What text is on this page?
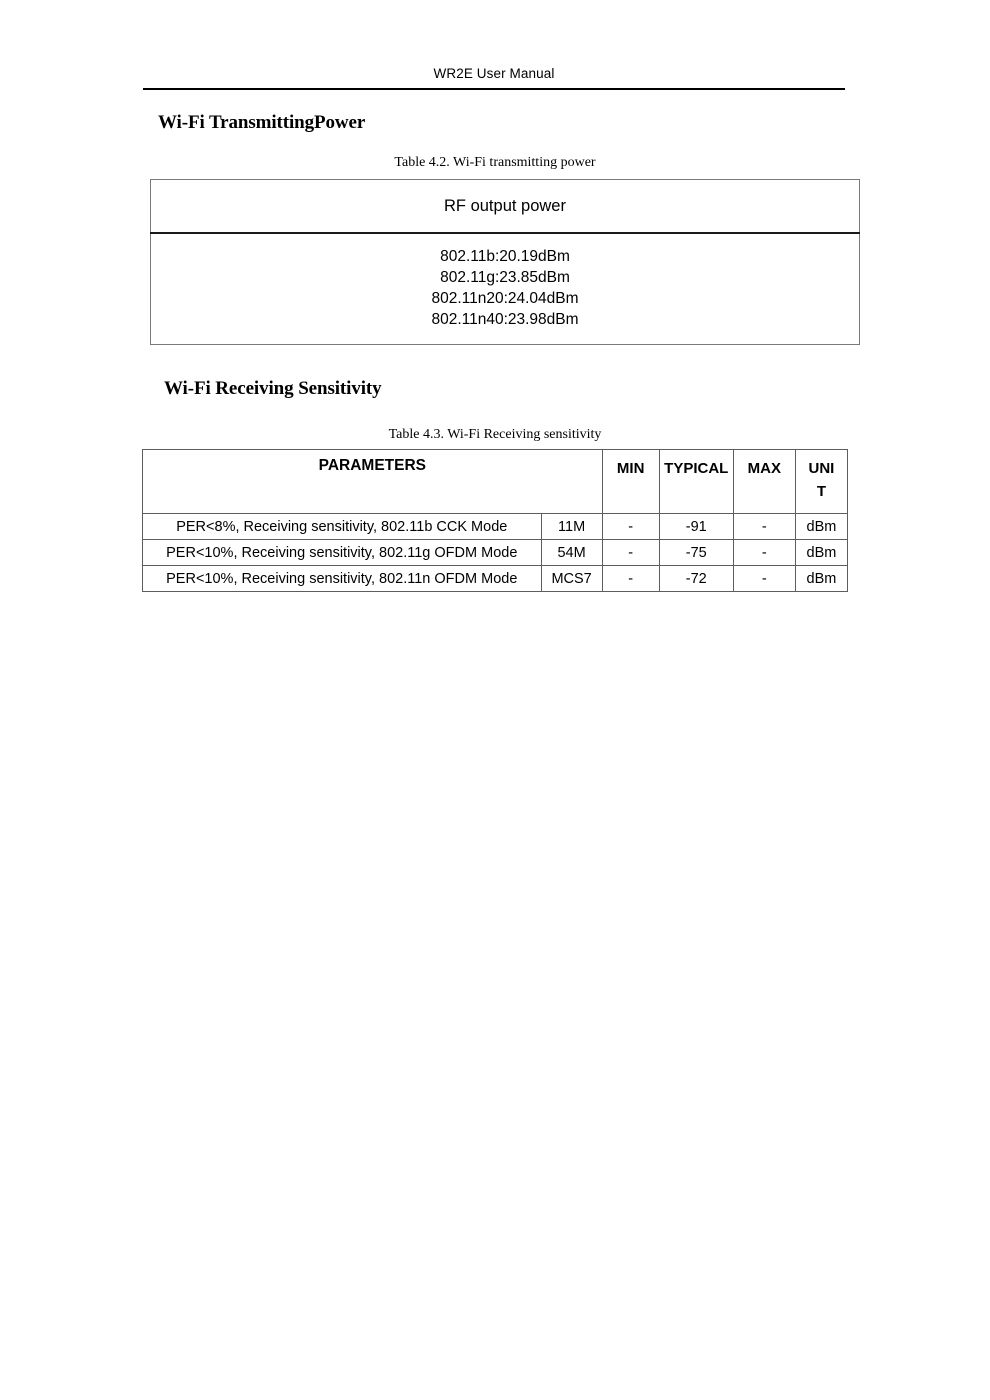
WR2E User Manual
Wi-Fi TransmittingPower
Table 4.2. Wi-Fi transmitting power
RF output power

802.11b:20.19dBm
802.11g:23.85dBm
802.11n20:24.04dBm
802.11n40:23.98dBm
Wi-Fi Receiving Sensitivity
Table 4.3. Wi-Fi Receiving sensitivity
PARAMETERS		MIN	TYPICAL	MAX	UNI
T

PER<8%, Receiving sensitivity, 802.11b CCK Mode	11M	-	-91	-	dBm
PER<10%, Receiving sensitivity, 802.11g OFDM Mode	54M	-	-75	-	dBm
PER<10%, Receiving sensitivity, 802.11n OFDM Mode	MCS7	-	-72	-	dBm
